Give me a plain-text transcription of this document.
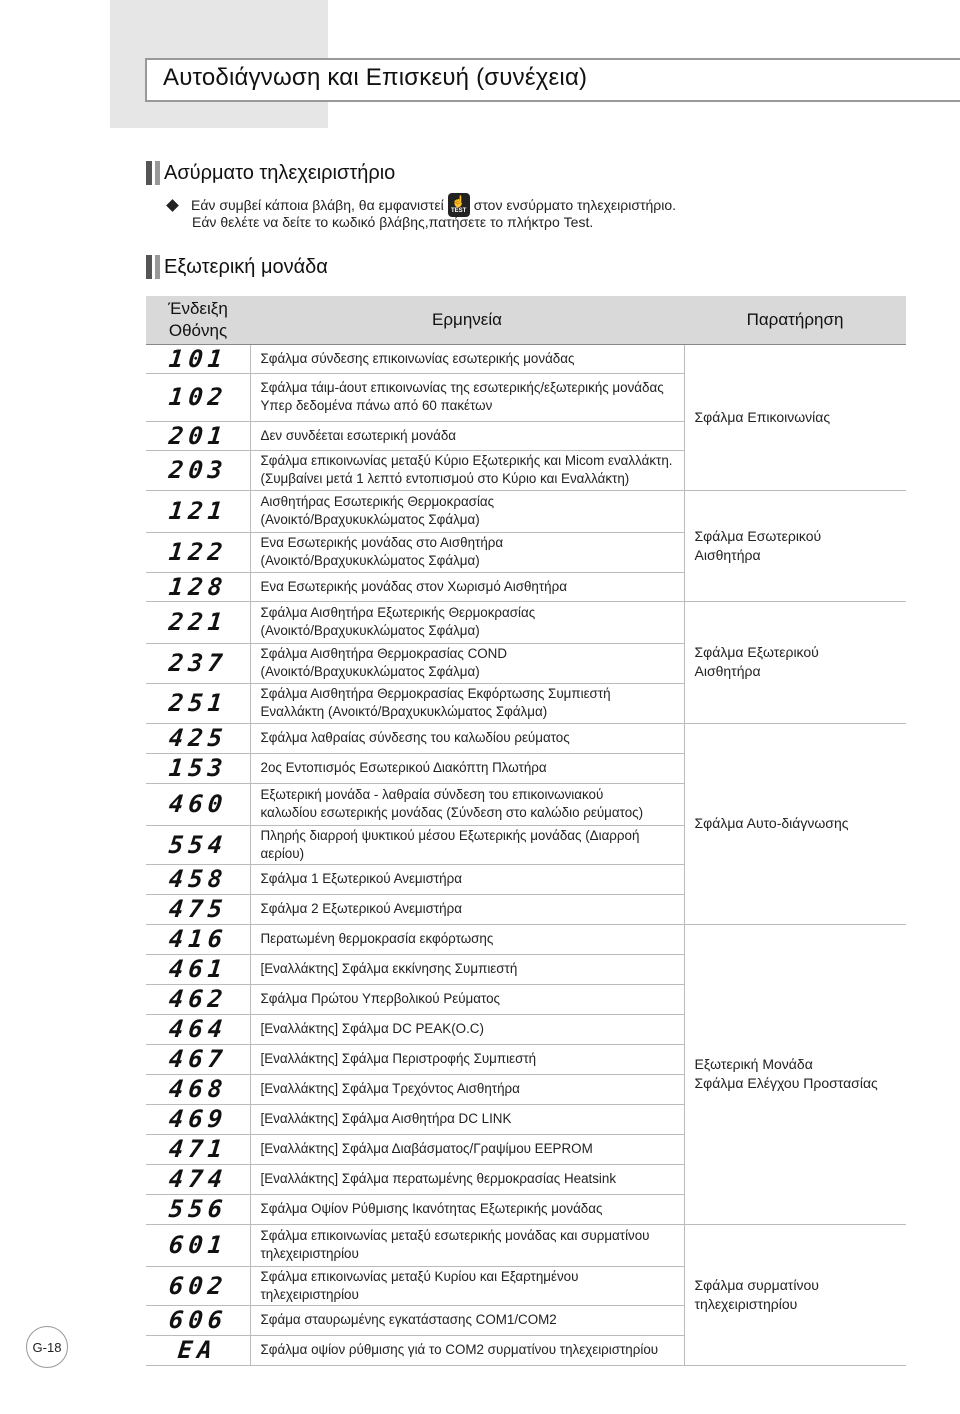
Αυτοδιάγνωση και Επισκευή (συνέχεια)
Ασύρματο τηλεχειριστήριο
Εάν συμβεί κάποια βλάβη, θα εμφανιστεί ☝
TEST στον ενσύρματο τηλεχειριστήριο.
Εάν θελέτε να δείτε το κωδικό βλάβης,πατήσετε το πλήκτρο Test.
Εξωτερική μονάδα
Ένδειξη
Οθόνης	Ερμηνεία	Παρατήρηση
101	Σφάλμα σύνδεσης επικοινωνίας εσωτερικής μονάδας	Σφάλμα Επικοινωνίας
102	Σφάλμα τάιμ-άουτ επικοινωνίας της εσωτερικής/εξωτερικής μονάδας
Υπερ δεδομένα πάνω από 60 πακέτων	
201	Δεν συνδέεται εσωτερική μονάδα	
203	Σφάλμα επικοινωνίας μεταξύ Κύριο Εξωτερικής και Micom εναλλάκτη.
(Συμβαίνει μετά 1 λεπτό εντοπισμού στο Κύριο και Εναλλάκτη)	
121	Αισθητήρας Εσωτερικής Θερμοκρασίας
(Ανοικτό/Βραχυκυκλώματος Σφάλμα)	Σφάλμα Εσωτερικού
Αισθητήρα
122	Ενα Εσωτερικής μονάδας στο Αισθητήρα
(Ανοικτό/Βραχυκυκλώματος Σφάλμα)	
128	Ενα Εσωτερικής μονάδας στον Χωρισμό Αισθητήρα	
221	Σφάλμα Αισθητήρα Εξωτερικής Θερμοκρασίας
(Ανοικτό/Βραχυκυκλώματος Σφάλμα)	Σφάλμα Εξωτερικού
Αισθητήρα
237	Σφάλμα Αισθητήρα Θερμοκρασίας COND
(Ανοικτό/Βραχυκυκλώματος Σφάλμα)	
251	Σφάλμα Αισθητήρα Θερμοκρασίας Εκφόρτωσης Συμπιεστή
Εναλλάκτη (Ανοικτό/Βραχυκυκλώματος Σφάλμα)	
425	Σφάλμα λαθραίας σύνδεσης του καλωδίου ρεύματος	Σφάλμα Αυτο-διάγνωσης
153	2ος Εντοπισμός Εσωτερικού Διακόπτη Πλωτήρα	
460	Εξωτερική μονάδα - λαθραία σύνδεση του επικοινωνιακού
καλωδίου εσωτερικής μονάδας (Σύνδεση στο καλώδιο ρεύματος)	
554	Πληρής διαρροή ψυκτικού μέσου Εξωτερικής μονάδας (Διαρροή αερίου)	
458	Σφάλμα 1 Εξωτερικού Ανεμιστήρα	
475	Σφάλμα 2 Εξωτερικού Ανεμιστήρα	
416	Περατωμένη θερμοκρασία εκφόρτωσης	Εξωτερική Μονάδα
Σφάλμα Ελέγχου Προστασίας
461	[Εναλλάκτης] Σφάλμα εκκίνησης Συμπιεστή	
462	Σφάλμα Πρώτου Υπερβολικού Ρεύματος	
464	[Εναλλάκτης] Σφάλμα DC PEAK(O.C)	
467	[Εναλλάκτης] Σφάλμα Περιστροφής Συμπιεστή	
468	[Εναλλάκτης] Σφάλμα Τρεχόντος Αισθητήρα	
469	[Εναλλάκτης] Σφάλμα Αισθητήρα DC LINK	
471	[Εναλλάκτης] Σφάλμα Διαβάσματος/Γραψίμου EEPROM	
474	[Εναλλάκτης] Σφάλμα περατωμένης θερμοκρασίας Heatsink	
556	Σφάλμα Οψίον Ρύθμισης Ικανότητας Εξωτερικής μονάδας	
601	Σφάλμα επικοινωνίας μεταξύ εσωτερικής μονάδας και συρματίνου
τηλεχειριστηρίου	Σφάλμα συρματίνου
τηλεχειριστηρίου
602	Σφάλμα επικοινωνίας μεταξύ Κυρίου και Εξαρτημένου τηλεχειριστηρίου	
606	Σφάμα σταυρωμένης εγκατάστασης COM1/COM2	
EA	Σφάλμα οψίον ρύθμισης γιά το COM2 συρματίνου τηλεχειριστηρίου	
G-18
